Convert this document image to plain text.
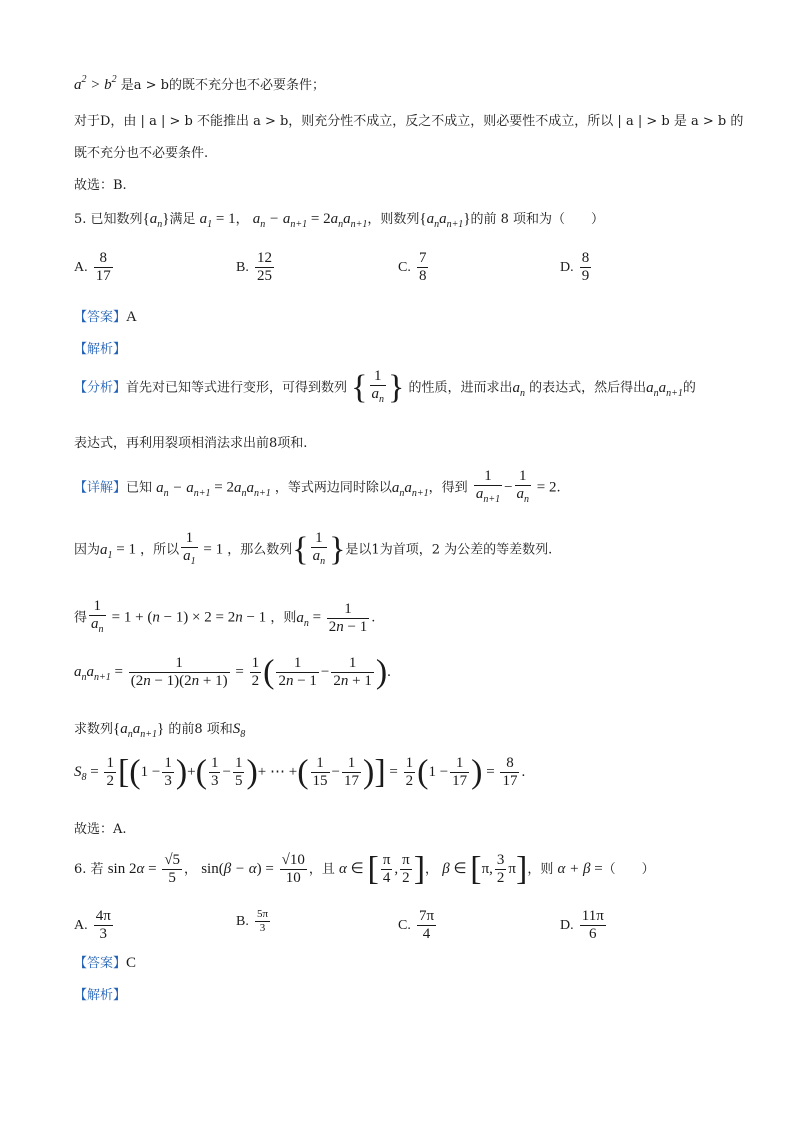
$a^2 > b^2$ 是a > b的既不充分也不必要条件；
对于D，由 | a | > b 不能推出 a > b，则充分性不成立，反之不成立，则必要性不成立，所以 | a | > b 是 a > b 的
既不充分也不必要条件.
故选：B.
5. 已知数列$\{a_n\}$满足 $a_1 = 1$， $a_n - a_{n+1} = 2a_na_{n+1}$，则数列$\{a_na_{n+1}\}$的前 8 项和为（　　）
A. $\frac{8}{17}$	B. $\frac{12}{25}$	C. $\frac{7}{8}$	D. $\frac{8}{9}$
【答案】A
【解析】
【分析】首先对已知等式进行变形，可得到数列 { $\frac{1}{a_n}$ } 的性质，进而求出$a_n$ 的表达式，然后得出$a_na_{n+1}$的
表达式，再利用裂项相消法求出前8项和.
【详解】已知 $a_n - a_{n+1} = 2a_na_{n+1}$ ，等式两边同时除以$a_na_{n+1}$，得到 $\frac{1}{a_{n+1}} - \frac{1}{a_n} = 2$.
因为$a_1 = 1$ ，所以 $\frac{1}{a_1} = 1$ ，那么数列{ $\frac{1}{a_n}$ }是以1为首项，2 为公差的等差数列.
得 $\frac{1}{a_n} = 1 + (n - 1) \times 2 = 2n - 1$ ，则$a_n = \frac{1}{2n - 1}$ .
$a_na_{n+1} = \frac{1}{(2n - 1)(2n + 1)} = \frac{1}{2}$ ( $\frac{1}{2n - 1} - \frac{1}{2n + 1}$ ).
求数列$\{a_na_{n+1}\}$ 的前8 项和$S_8$
$S_8 = \frac{1}{2} [(1 - \frac{1}{3}$ )+( $\frac{1}{3} - \frac{1}{5}$ )+ ⋯ +( $\frac{1}{15} - \frac{1}{17}$ )] = $\frac{1}{2} (1 - \frac{1}{17}$ ) = $\frac{8}{17}$ .
故选：A.
6. 若 $\sin 2\alpha = \frac{√5}{5}$ ， $\sin(\beta - \alpha) = \frac{√10}{10}$ ，且 α ∈ [ $\frac{\pi}{4}$ , $\frac{\pi}{2}$ ]， β ∈ [π, $\frac{3}{2} \pi$]，则 α + β =（　　）
A. $\frac{4\pi}{3}$	B. $\frac{5\pi}{3}$	C. $\frac{7\pi}{4}$	D. $\frac{11\pi}{6}$
【答案】C
【解析】
